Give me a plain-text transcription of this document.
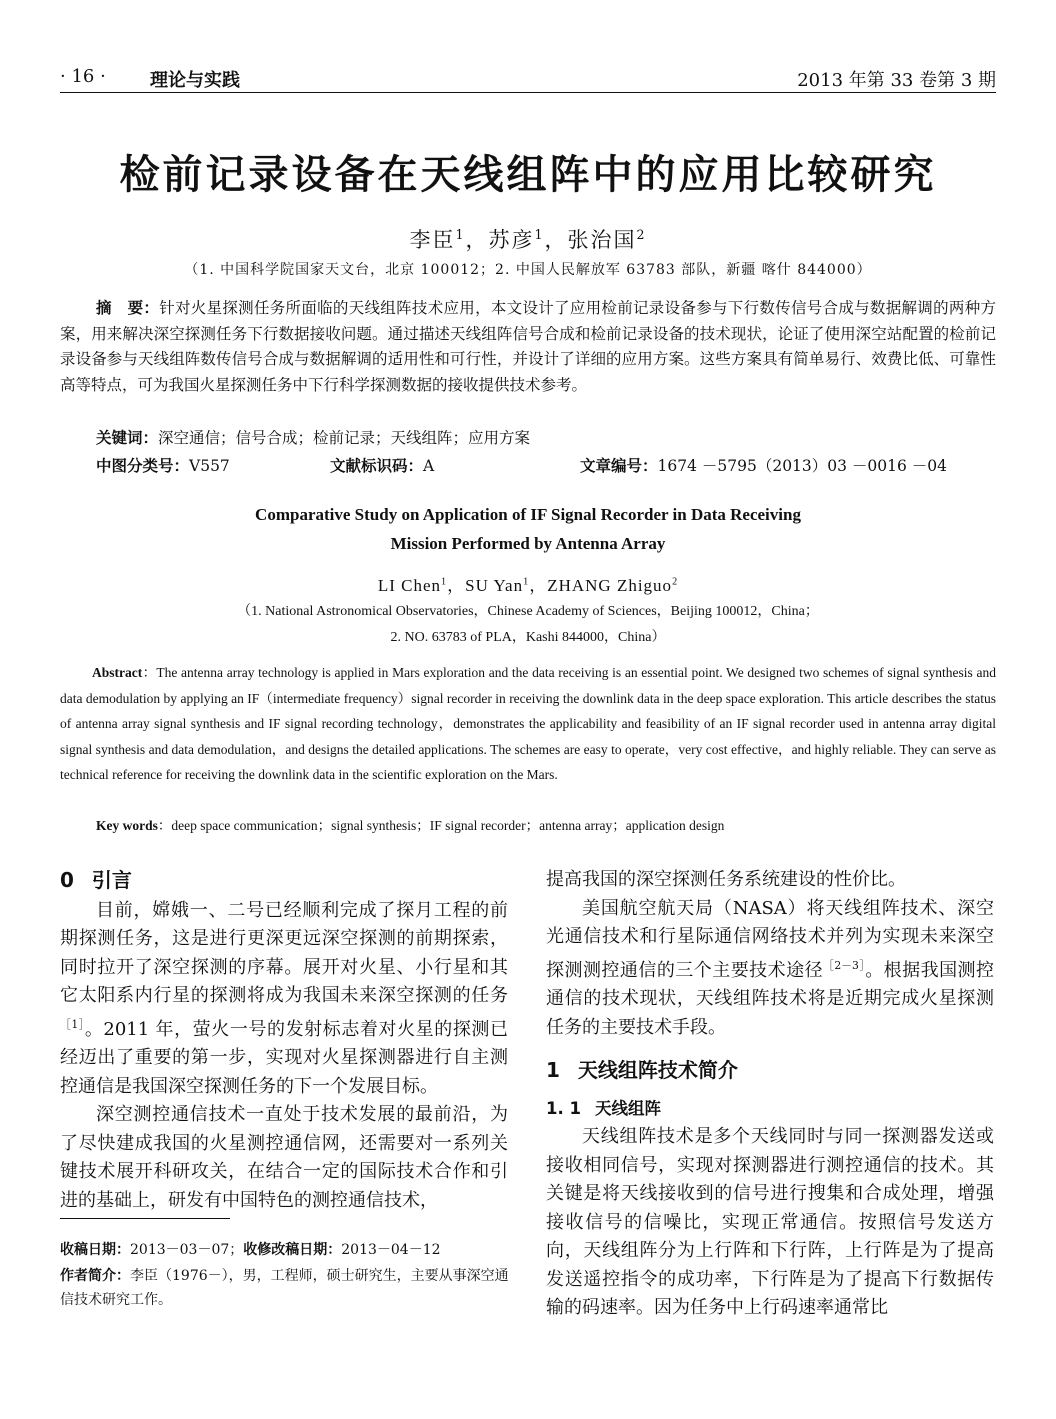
· 16 · 理论与实践	2013 年第 33 卷第 3 期
检前记录设备在天线组阵中的应用比较研究
李臣$^1$，苏彦$^1$，张治国$^2$
（1. 中国科学院国家天文台，北京 100012；2. 中国人民解放军 63783 部队，新疆 喀什 844000）
摘　要：针对火星探测任务所面临的天线组阵技术应用，本文设计了应用检前记录设备参与下行数传信号合成与数据解调的两种方案，用来解决深空探测任务下行数据接收问题。通过描述天线组阵信号合成和检前记录设备的技术现状，论证了使用深空站配置的检前记录设备参与天线组阵数传信号合成与数据解调的适用性和可行性，并设计了详细的应用方案。这些方案具有简单易行、效费比低、可靠性高等特点，可为我国火星探测任务中下行科学探测数据的接收提供技术参考。
关键词：深空通信；信号合成；检前记录；天线组阵；应用方案
中图分类号：V557	文献标识码：A	文章编号：1674 －5795（2013）03 －0016 －04
Comparative Study on Application of IF Signal Recorder in Data Receiving
Mission Performed by Antenna Array
LI Chen$^1$，SU Yan$^1$，ZHANG Zhiguo$^2$
（1. National Astronomical Observatories，Chinese Academy of Sciences，Beijing 100012，China；
2. NO. 63783 of PLA，Kashi 844000，China）
Abstract：The antenna array technology is applied in Mars exploration and the data receiving is an essential point. We designed two schemes of signal synthesis and data demodulation by applying an IF（intermediate frequency）signal recorder in receiving the downlink data in the deep space exploration. This article describes the status of antenna array signal synthesis and IF signal recording technology，demonstrates the applicability and feasibility of an IF signal recorder used in antenna array digital signal synthesis and data demodulation，and designs the detailed applications. The schemes are easy to operate，very cost effective，and highly reliable. They can serve as technical reference for receiving the downlink data in the scientific exploration on the Mars.
Key words：deep space communication；signal synthesis；IF signal recorder；antenna array；application design

0 引言

目前，嫦娥一、二号已经顺利完成了探月工程的前期探测任务，这是进行更深更远深空探测的前期探索，同时拉开了深空探测的序幕。展开对火星、小行星和其它太阳系内行星的探测将成为我国未来深空探测的任务$^{[1]}$。2011 年，萤火一号的发射标志着对火星的探测已经迈出了重要的第一步，实现对火星探测器进行自主测控通信是我国深空探测任务的下一个发展目标。

深空测控通信技术一直处于技术发展的最前沿，为了尽快建成我国的火星测控通信网，还需要对一系列关键技术展开科研攻关，在结合一定的国际技术合作和引进的基础上，研发有中国特色的测控通信技术，

收稿日期：2013－03－07；收修改稿日期：2013－04－12
作者简介：李臣（1976－），男，工程师，硕士研究生，主要从事深空通信技术研究工作。

提高我国的深空探测任务系统建设的性价比。

美国航空航天局（NASA）将天线组阵技术、深空光通信技术和行星际通信网络技术并列为实现未来深空探测测控通信的三个主要技术途径$^{[2-3]}$。根据我国测控通信的技术现状，天线组阵技术将是近期完成火星探测任务的主要技术手段。

1 天线组阵技术简介

1. 1 天线组阵

天线组阵技术是多个天线同时与同一探测器发送或接收相同信号，实现对探测器进行测控通信的技术。其关键是将天线接收到的信号进行搜集和合成处理，增强接收信号的信噪比，实现正常通信。按照信号发送方向，天线组阵分为上行阵和下行阵，上行阵是为了提高发送遥控指令的成功率，下行阵是为了提高下行数据传输的码速率。因为任务中上行码速率通常比
